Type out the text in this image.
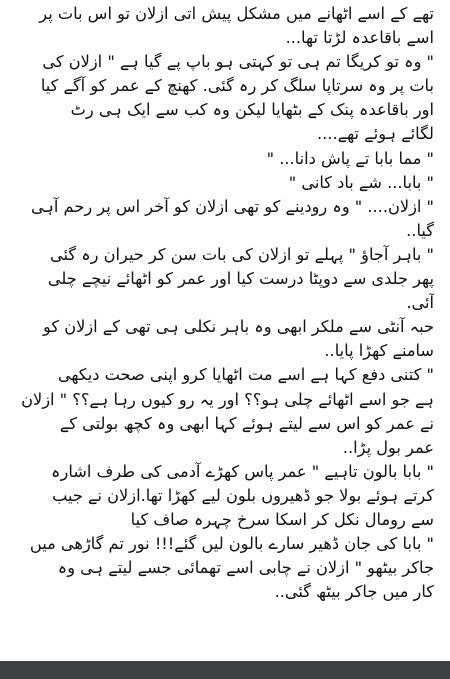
تھے کے اسے اٹھانے میں مشکل پیش اتی ازلان تو اس بات پر
اسے باقاعدہ لڑتا تھا...
" وہ تو کریگا تم ہی تو کہتی ہو باپ پے گیا ہے " ازلان کی
بات پر وہ سرتاپا سلگ کر رہ گئی. کھنچ کے عمر کو آگے کیا
اور باقاعدہ پنک کے بٹھایا لیکن وہ کب سے ایک ہی رٹ
لگائے ہوئے تھے....
" مما بابا تے پاش دانا... "
" بابا... شے باد کانی "
" ازلان.... " وہ رودینے کو تھی ازلان کو آخر اس پر رحم آہی
گیا..
" باہر آجاؤ " پہلے تو ازلان کی بات سن کر حیران رہ گئی
پھر جلدی سے دوپٹا درست کیا اور عمر کو اٹھائے نیچے چلی
آئی.
حبہ آنٹی سے ملکر ابھی وہ باہر نکلی ہی تھی کے ازلان کو
سامنے کھڑا پایا..
" کتنی دفع کہا ہے اسے مت اٹھایا کرو اپنی صحت دیکھی
ہے جو اسے اٹھائے چلی ہو؟؟ اور یہ رو کیوں رہا ہے؟؟ " ازلان
نے عمر کو اس سے لیتے ہوئے کہا ابھی وہ کچھ بولتی کے
عمر بول پڑا..
" بابا بالون تاہیے " عمر پاس کھڑے آدمی کی طرف اشارہ
کرتے ہوئے بولا جو ڈھیروں بلون لیے کھڑا تھا.ازلان نے جیب
سے رومال نکل کر اسکا سرخ چہرہ صاف کیا
" بابا کی جان ڈھیر سارے بالون لیں گئے!!! نور تم گاڑھی میں
جاکر بیٹھو " ازلان نے چابی اسے تھمائی جسے لیتے ہی وہ
کار میں جاکر بیٹھ گئی..
